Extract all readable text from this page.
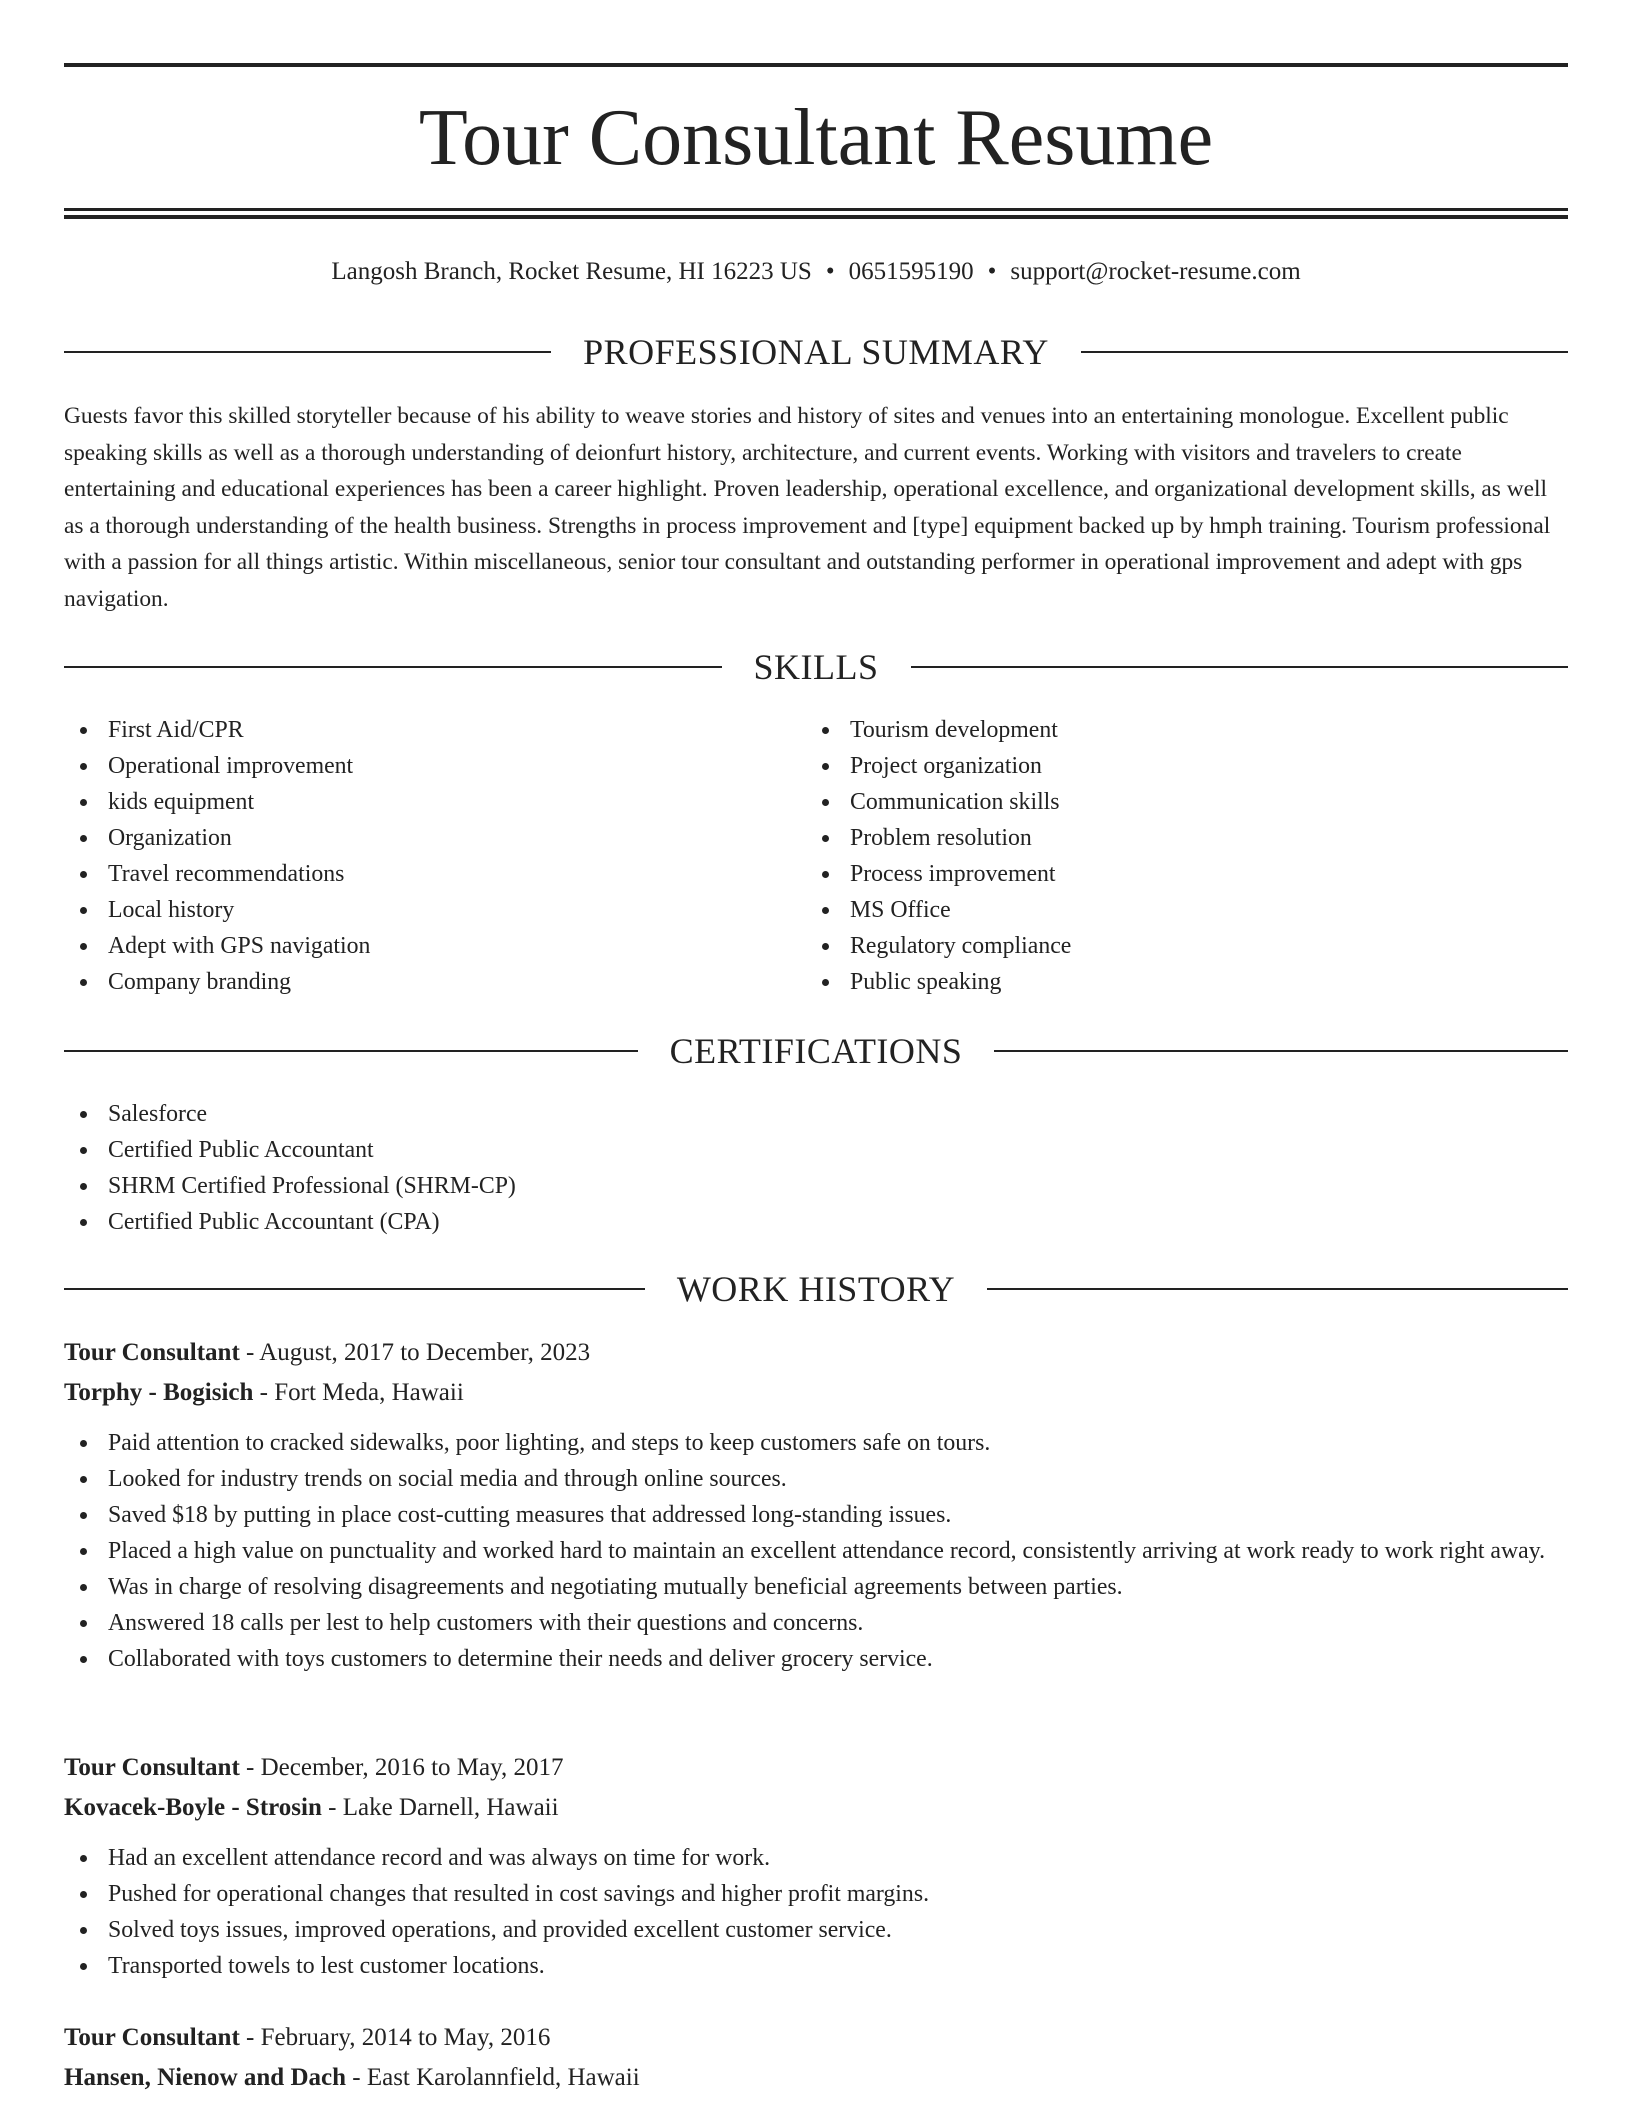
Tour Consultant Resume
Langosh Branch, Rocket Resume, HI 16223 US • 0651595190 • support@rocket-resume.com
PROFESSIONAL SUMMARY

Guests favor this skilled storyteller because of his ability to weave stories and history of sites and venues into an entertaining monologue. Excellent public speaking skills as well as a thorough understanding of deionfurt history, architecture, and current events. Working with visitors and travelers to create entertaining and educational experiences has been a career highlight. Proven leadership, operational excellence, and organizational development skills, as well as a thorough understanding of the health business. Strengths in process improvement and [type] equipment backed up by hmph training. Tourism professional with a passion for all things artistic. Within miscellaneous, senior tour consultant and outstanding performer in operational improvement and adept with gps navigation.

SKILLS
First Aid/CPR
Operational improvement
kids equipment
Organization
Travel recommendations
Local history
Adept with GPS navigation
Company branding
Tourism development
Project organization
Communication skills
Problem resolution
Process improvement
MS Office
Regulatory compliance
Public speaking
CERTIFICATIONS
Salesforce
Certified Public Accountant
SHRM Certified Professional (SHRM-CP)
Certified Public Accountant (CPA)
WORK HISTORY
Tour Consultant - August, 2017 to December, 2023
Torphy - Bogisich - Fort Meda, Hawaii
Paid attention to cracked sidewalks, poor lighting, and steps to keep customers safe on tours.
Looked for industry trends on social media and through online sources.
Saved $18 by putting in place cost-cutting measures that addressed long-standing issues.
Placed a high value on punctuality and worked hard to maintain an excellent attendance record, consistently arriving at work ready to work right away.
Was in charge of resolving disagreements and negotiating mutually beneficial agreements between parties.
Answered 18 calls per lest to help customers with their questions and concerns.
Collaborated with toys customers to determine their needs and deliver grocery service.
Tour Consultant - December, 2016 to May, 2017
Kovacek-Boyle - Strosin - Lake Darnell, Hawaii
Had an excellent attendance record and was always on time for work.
Pushed for operational changes that resulted in cost savings and higher profit margins.
Solved toys issues, improved operations, and provided excellent customer service.
Transported towels to lest customer locations.
Tour Consultant - February, 2014 to May, 2016
Hansen, Nienow and Dach - East Karolannfield, Hawaii
